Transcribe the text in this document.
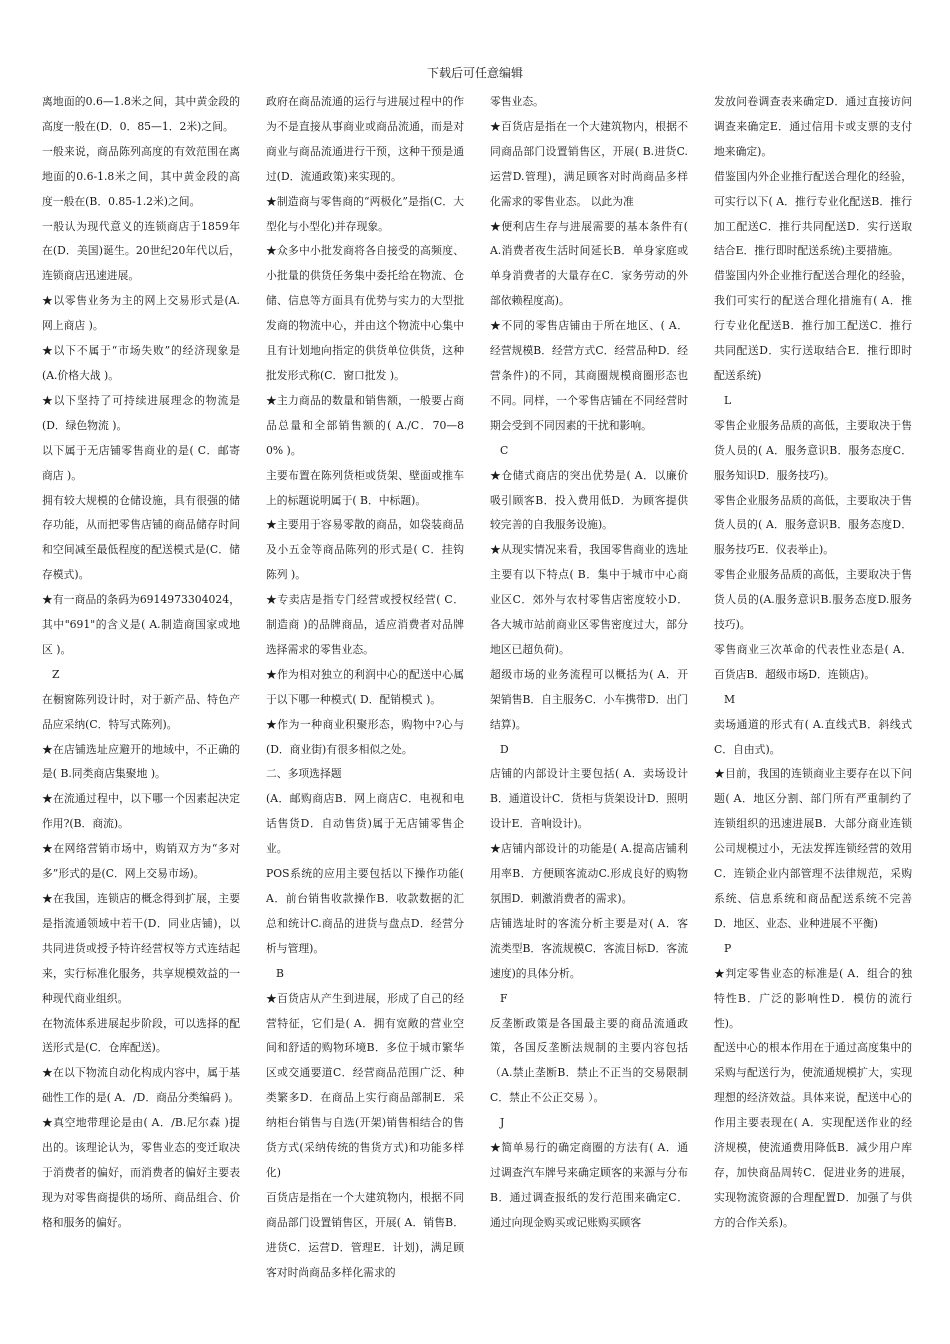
下载后可任意编辑

离地面的0.6—1.8米之间，其中黄金段的高度一般在(D．0．85—1．2米)之间。

一般来说，商品陈列高度的有效范围在离地面的0.6-1.8米之间，其中黄金段的高度一般在(B．0.85-1.2米)之间。

一般认为现代意义的连锁商店于1859年在(D．美国)诞生。20世纪20年代以后，连锁商店迅速进展。

★以零售业务为主的网上交易形式是(A.网上商店 )。

★以下不属于“市场失败”的经济现象是(A.价格大战 )。

★以下坚持了可持续进展理念的物流是(D．绿色物流 )。

以下属于无店铺零售商业的是( C．邮寄商店 )。

拥有较大规模的仓储设施，具有很强的储存功能，从而把零售店铺的商品储存时间和空间减至最低程度的配送模式是(C．储存模式)。

★有一商品的条码为6914973304024，其中"691"的含义是( A.制造商国家或地区 )。

Z

在橱窗陈列设计时，对于新产品、特色产品应采纳(C．特写式陈列)。

★在店铺选址应避开的地域中，不正确的是( B.同类商店集聚地 )。

★在流通过程中，以下哪一个因素起决定作用?(B．商流)。

★在网络营销市场中，购销双方为“多对多”形式的是(C．网上交易市场)。

★在我国，连锁店的概念得到扩展，主要是指流通领域中若干(D．同业店铺)，以共同进货或授予特许经营权等方式连结起来，实行标准化服务，共享规模效益的一种现代商业组织。

在物流体系进展起步阶段，可以选择的配送形式是(C．仓库配送)。

★在以下物流自动化构成内容中，属于基础性工作的是( A．/D．商品分类编码 )。

★真空地带理论是由( A．/B.尼尔森 )提出的。该理论认为，零售业态的变迁取决于消费者的偏好，而消费者的偏好主要表现为对零售商提供的场所、商品组合、价格和服务的偏好。

政府在商品流通的运行与进展过程中的作为不是直接从事商业或商品流通，而是对商业与商品流通进行干预，这种干预是通过(D．流通政策)来实现的。

★制造商与零售商的“两极化”是指(C．大型化与小型化)并存现象。

★众多中小批发商将各自接受的高频度、小批量的供货任务集中委托给在物流、仓储、信息等方面具有优势与实力的大型批发商的物流中心，并由这个物流中心集中且有计划地向指定的供货单位供货，这种批发形式称(C．窗口批发 )。

★主力商品的数量和销售额，一般要占商品总量和全部销售额的( A./C．70—80% )。

主要布置在陈列货柜或货架、壁面或推车上的标题说明属于( B．中标题)。

★主要用于容易零散的商品，如袋装商品及小五金等商品陈列的形式是( C．挂钩陈列 )。

★专卖店是指专门经营或授权经营( C．制造商 )的品牌商品，适应消费者对品牌选择需求的零售业态。

★作为相对独立的利润中心的配送中心属于以下哪一种模式( D．配销模式 )。

★作为一种商业积聚形态，购物中?心与(D．商业街)有很多相似之处。

二、多项选择题

(A．邮购商店B．网上商店C．电视和电话售货D．自动售货)属于无店铺零售企业。

POS系统的应用主要包括以下操作功能( A．前台销售收款操作B．收款数据的汇总和统计C.商品的进货与盘点D．经营分析与管理)。

B

★百货店从产生到进展，形成了自己的经营特征，它们是( A．拥有宽敞的营业空间和舒适的购物环境B．多位于城市繁华区或交通要道C．经营商品范围广泛、种类繁多D．在商品上实行商品部制E．采纳柜台销售与自选(开架)销售相结合的售货方式(采纳传统的售货方式)和功能多样化)

百货店是指在一个大建筑物内，根据不同商品部门设置销售区，开展( A．销售B．进货C．运营D．管理E．计划)，满足顾客对时尚商品多样化需求的

零售业态。

★百货店是指在一个大建筑物内，根据不同商品部门设置销售区，开展( B.进货C.运营D.管理)，满足顾客对时尚商品多样化需求的零售业态。 以此为准

★便利店生存与进展需要的基本条件有( A.消费者夜生活时间延长B．单身家庭或单身消费者的大量存在C．家务劳动的外部依赖程度高)。

★不同的零售店铺由于所在地区、( A．经营规模B．经营方式C．经营品种D．经营条件)的不同，其商圈规模商圈形态也不同。同样，一个零售店铺在不同经营时期会受到不同因素的干扰和影响。

C

★仓储式商店的突出优势是( A．以廉价吸引顾客B．投入费用低D．为顾客提供较完善的自我服务设施)。

★从现实情况来看，我国零售商业的选址主要有以下特点( B．集中于城市中心商业区C．郊外与农村零售店密度较小D．各大城市站前商业区零售密度过大，部分地区已超负荷)。

超级市场的业务流程可以概括为( A．开架销售B．自主服务C．小车携带D．出门结算)。

D

店铺的内部设计主要包括( A．卖场设计B．通道设计C．货柜与货架设计D．照明设计E．音响设计)。

★店铺内部设计的功能是( A.提高店铺利用率B．方便顾客流动C.形成良好的购物氛围D．刺激消费者的需求)。

店铺选址时的客流分析主要是对( A．客流类型B．客流规模C．客流目标D．客流速度)的具体分析。

F

反垄断政策是各国最主要的商品流通政策，各国反垄断法规制的主要内容包括（A.禁止垄断B．禁止不正当的交易限制C．禁止不公正交易 ）。

J

★简单易行的确定商圈的方法有( A．通过调查汽车牌号来确定顾客的来源与分布B．通过调查报纸的发行范围来确定C．通过向现金购买或记账购买顾客

发放问卷调查表来确定D．通过直接访问调查来确定E．通过信用卡或支票的支付地来确定)。

借鉴国内外企业推行配送合理化的经验，可实行以下( A．推行专业化配送B．推行加工配送C．推行共同配送D．实行送取结合E．推行即时配送系统)主要措施。

借鉴国内外企业推行配送合理化的经验，我们可实行的配送合理化措施有( A．推行专业化配送B．推行加工配送C．推行共同配送D．实行送取结合E．推行即时配送系统)

L

零售企业服务品质的高低，主要取决于售货人员的( A．服务意识B．服务态度C．服务知识D．服务技巧)。

零售企业服务品质的高低，主要取决于售货人员的( A．服务意识B．服务态度D．服务技巧E．仪表举止)。

零售企业服务品质的高低，主要取决于售货人员的(A.服务意识B.服务态度D.服务技巧)。

零售商业三次革命的代表性业态是( A．百货店B．超级市场D．连锁店)。

M

卖场通道的形式有( A.直线式B．斜线式C．自由式)。

★目前，我国的连锁商业主要存在以下问题( A．地区分割、部门所有严重制约了连锁组织的迅速进展B．大部分商业连锁公司规模过小，无法发挥连锁经营的效用C．连锁企业内部管理不法律规范，采购系统、信息系统和商品配送系统不完善D．地区、业态、业种进展不平衡)

P

★判定零售业态的标准是( A．组合的独特性B．广泛的影响性D．模仿的流行性)。

配送中心的根本作用在于通过高度集中的采购与配送行为，使流通规模扩大，实现理想的经济效益。具体来说，配送中心的作用主要表现在( A．实现配送作业的经济规模，使流通费用降低B．减少用户库存，加快商品周转C．促进业务的进展，实现物流资源的合理配置D．加强了与供方的合作关系)。
